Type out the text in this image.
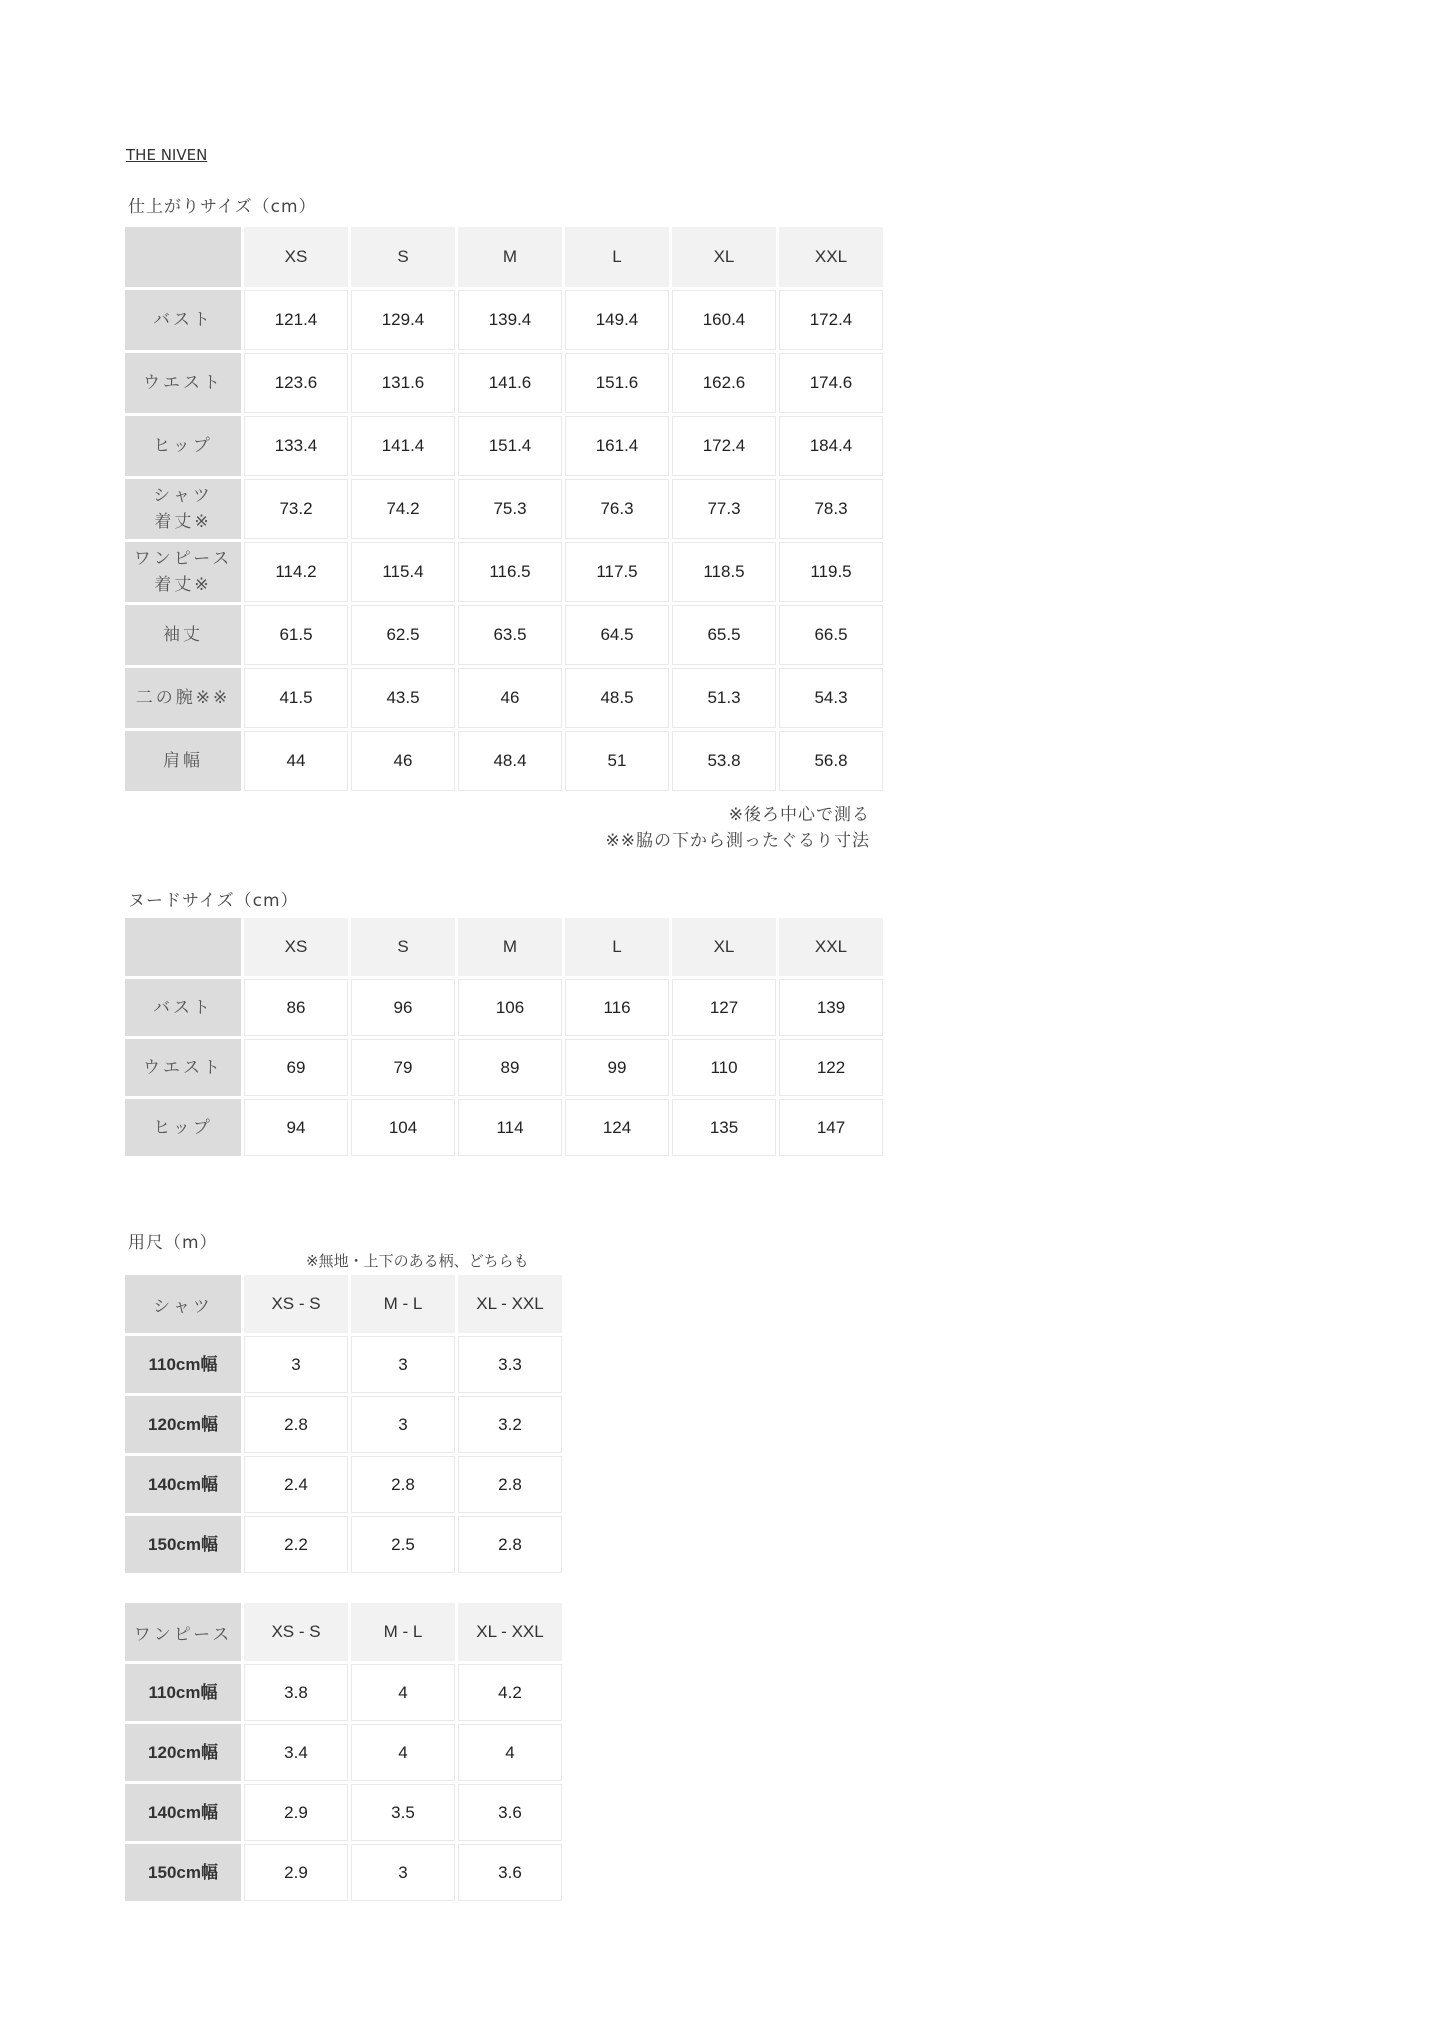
THE NIVEN
仕上がりサイズ（cm）
	XS	S	M	L	XL	XXL
バスト	121.4	129.4	139.4	149.4	160.4	172.4
ウエスト	123.6	131.6	141.6	151.6	162.6	174.6
ヒップ	133.4	141.4	151.4	161.4	172.4	184.4
シャツ
着丈※	73.2	74.2	75.3	76.3	77.3	78.3
ワンピース
着丈※	114.2	115.4	116.5	117.5	118.5	119.5
袖丈	61.5	62.5	63.5	64.5	65.5	66.5
二の腕※※	41.5	43.5	46	48.5	51.3	54.3
肩幅	44	46	48.4	51	53.8	56.8
※後ろ中心で測る
※※脇の下から測ったぐるり寸法
ヌードサイズ（cm）
	XS	S	M	L	XL	XXL
バスト	86	96	106	116	127	139
ウエスト	69	79	89	99	110	122
ヒップ	94	104	114	124	135	147
用尺（m）
※無地・上下のある柄、どちらも
シャツ	XS - S	M - L	XL - XXL
110cm幅	3	3	3.3
120cm幅	2.8	3	3.2
140cm幅	2.4	2.8	2.8
150cm幅	2.2	2.5	2.8
ワンピース	XS - S	M - L	XL - XXL
110cm幅	3.8	4	4.2
120cm幅	3.4	4	4
140cm幅	2.9	3.5	3.6
150cm幅	2.9	3	3.6
